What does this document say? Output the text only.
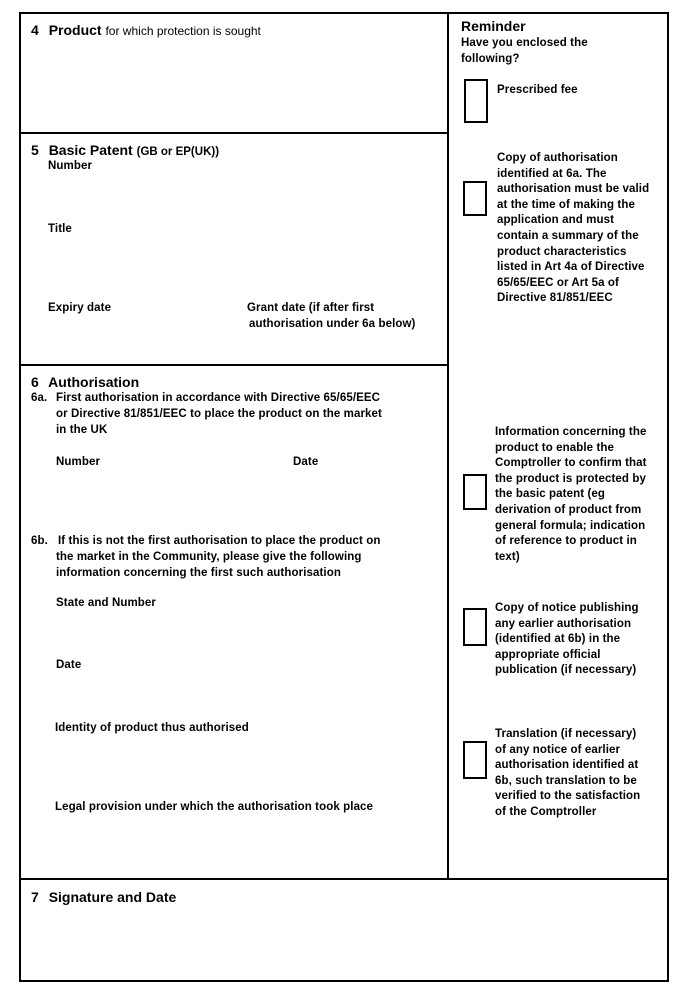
4 Product for which protection is sought
5 Basic Patent (GB or EP(UK))
Number
Title
Expiry date	Grant date (if after first
authorisation under 6a below)
6 Authorisation
6a. First authorisation in accordance with Directive 65/65/EEC
or Directive 81/851/EEC to place the product on the market
in the UK
Number	Date
6b. If this is not the first authorisation to place the product on
the market in the Community, please give the following
information concerning the first such authorisation
State and Number
Date
Identity of product thus authorised
Legal provision under which the authorisation took place
7 Signature and Date
Reminder
Have you enclosed the
following?
Prescribed fee
Copy of authorisation
identified at 6a. The
authorisation must be valid
at the time of making the
application and must
contain a summary of the
product characteristics
listed in Art 4a of Directive
65/65/EEC or Art 5a of
Directive 81/851/EEC
Information concerning the
product to enable the
Comptroller to confirm that
the product is protected by
the basic patent (eg
derivation of product from
general formula; indication
of reference to product in
text)
Copy of notice publishing
any earlier authorisation
(identified at 6b) in the
appropriate official
publication (if necessary)
Translation (if necessary)
of any notice of earlier
authorisation identified at
6b, such translation to be
verified to the satisfaction
of the Comptroller
